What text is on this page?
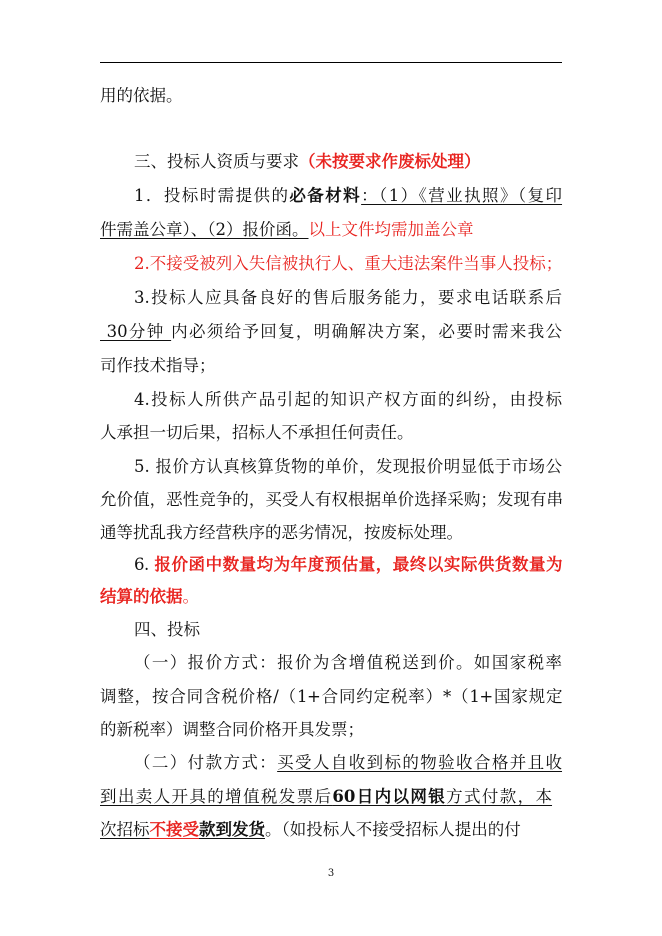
用的依据。
三、投标人资质与要求（未按要求作废标处理）
1．投标时需提供的必备材料：（1）《营业执照》（复印
件需盖公章）、（2）报价函。以上文件均需加盖公章
2.不接受被列入失信被执行人、重大违法案件当事人投标；
3.投标人应具备良好的售后服务能力，要求电话联系后
30分钟 内必须给予回复，明确解决方案，必要时需来我公
司作技术指导；
4.投标人所供产品引起的知识产权方面的纠纷，由投标
人承担一切后果，招标人不承担任何责任。
5. 报价方认真核算货物的单价，发现报价明显低于市场公
允价值，恶性竞争的，买受人有权根据单价选择采购；发现有串
通等扰乱我方经营秩序的恶劣情况，按废标处理。
6. 报价函中数量均为年度预估量，最终以实际供货数量为
结算的依据。
四、投标
（一）报价方式：报价为含增值税送到价。如国家税率
调整，按合同含税价格/（1+合同约定税率）*（1+国家规定
的新税率）调整合同价格开具发票；
（二）付款方式：买受人自收到标的物验收合格并且收
到出卖人开具的增值税发票后60日内以网银方式付款，本
次招标不接受款到发货。（如投标人不接受招标人提出的付
3
